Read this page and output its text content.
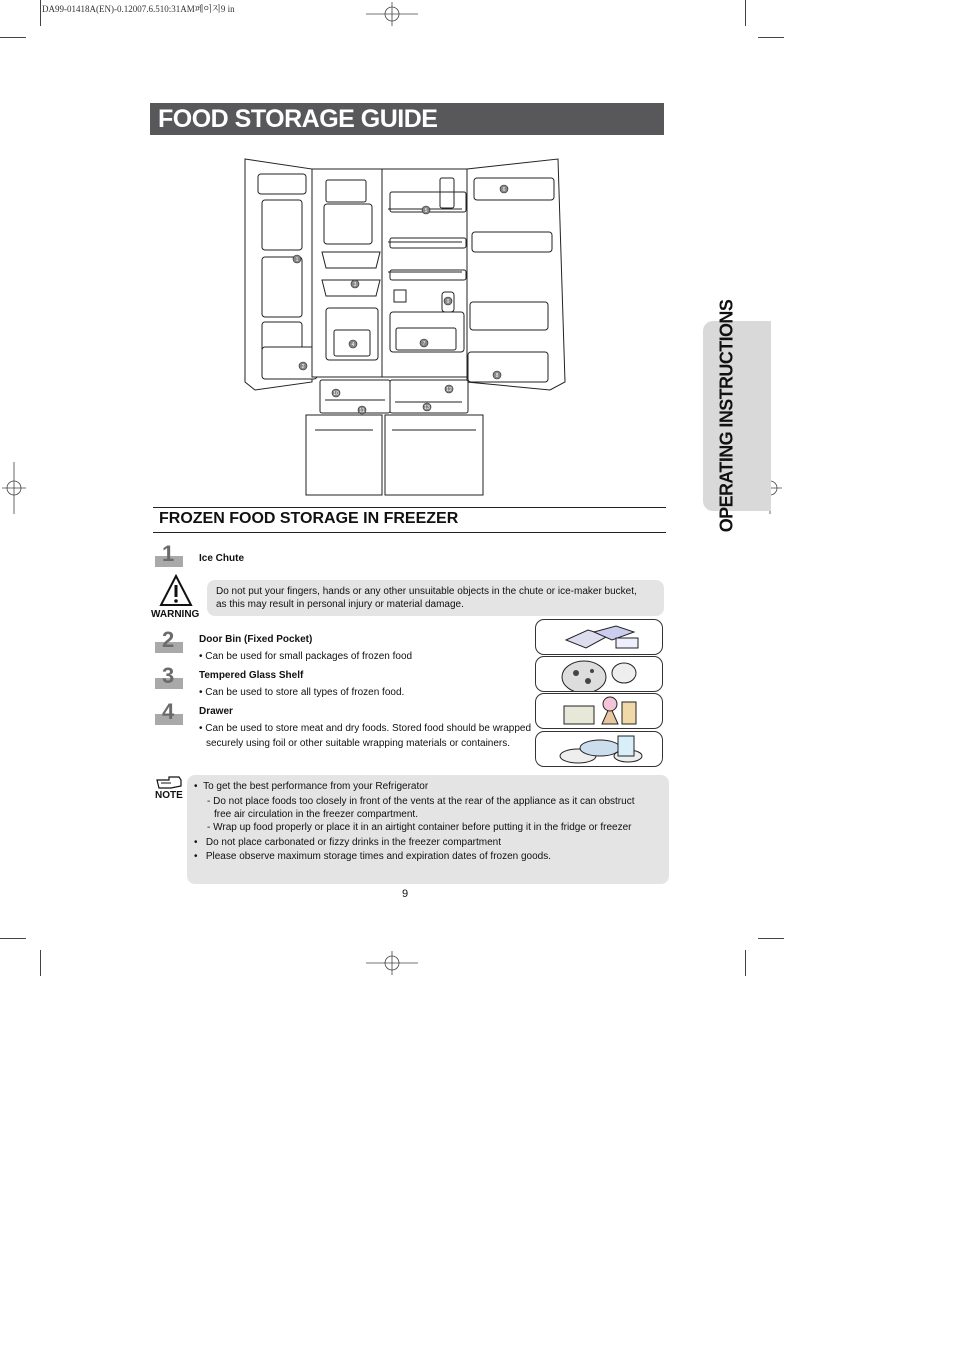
DA99-01418A(EN)-0.12007.6.510:31AM페이지9 in
FOOD STORAGE GUIDE
OPERATING INSTRUCTIONS
1
2
3
4
5
6
7
8
9
10
11
12
13
FROZEN FOOD STORAGE IN FREEZER
1 Ice Chute
WARNING
Do not put your fingers, hands or any other unsuitable objects in the chute or ice-maker bucket,
as this may result in personal injury or material damage.
2 Door Bin (Fixed Pocket)
• Can be used for small packages of frozen food
3 Tempered Glass Shelf
• Can be used to store all types of frozen food.
4 Drawer
• Can be used to store meat and dry foods. Stored food should be wrapped
securely using foil or other suitable wrapping materials or containers.
NOTE
•  To get the best performance from your Refrigerator
- Do not place foods too closely in front of the vents at the rear of the appliance as it can obstruct
free air circulation in the freezer compartment.
- Wrap up food properly or place it in an airtight container before putting it in the fridge or freezer
•   Do not place carbonated or fizzy drinks in the freezer compartment
•   Please observe maximum storage times and expiration dates of frozen goods.
9
